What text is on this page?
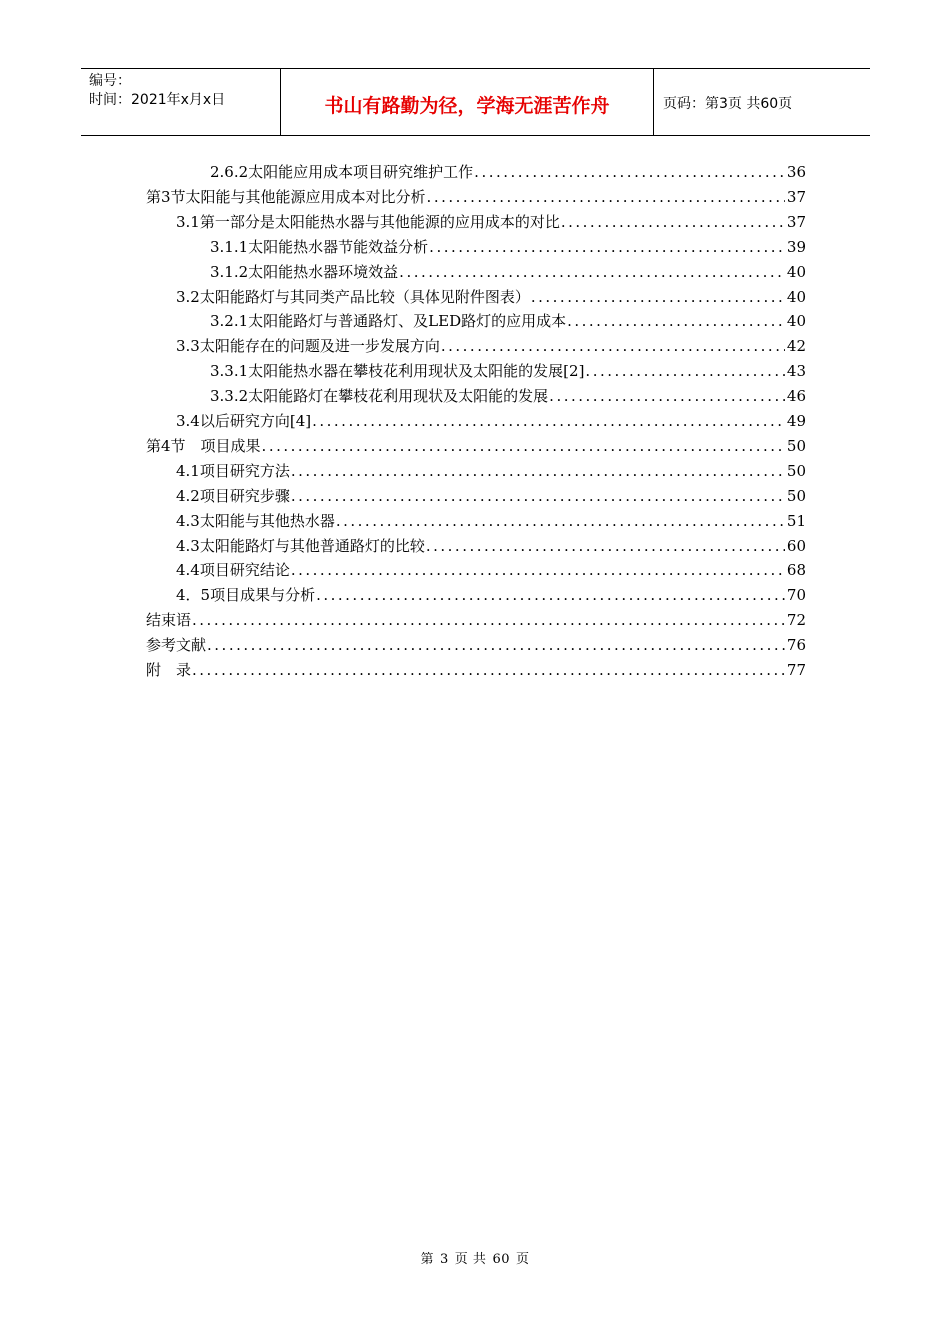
编号：
时间：2021年x月x日	书山有路勤为径，学海无涯苦作舟	页码：第3页 共60页
2.6.2太阳能应用成本项目研究维护工作 .....	36
第3节太阳能与其他能源应用成本对比分析 .....	37
3.1第一部分是太阳能热水器与其他能源的应用成本的对比 .....	37
3.1.1太阳能热水器节能效益分析 .....	39
3.1.2太阳能热水器环境效益 .....	40
3.2太阳能路灯与其同类产品比较（具体见附件图表） .....	40
3.2.1太阳能路灯与普通路灯、及LED路灯的应用成本 .....	40
3.3太阳能存在的问题及进一步发展方向 .....	42
3.3.1太阳能热水器在攀枝花利用现状及太阳能的发展[2] .....	43
3.3.2太阳能路灯在攀枝花利用现状及太阳能的发展 .....	46
3.4以后研究方向[4] .....	49
第4节　项目成果 .....	50
4.1项目研究方法 .....	50
4.2项目研究步骤 .....	50
4.3太阳能与其他热水器 .....	51
4.3太阳能路灯与其他普通路灯的比较 .....	60
4.4项目研究结论 .....	68
4．5项目成果与分析 .....	70
结束语 .....	72
参考文献 .....	76
附　录 .....	77
第 3 页 共 60 页
